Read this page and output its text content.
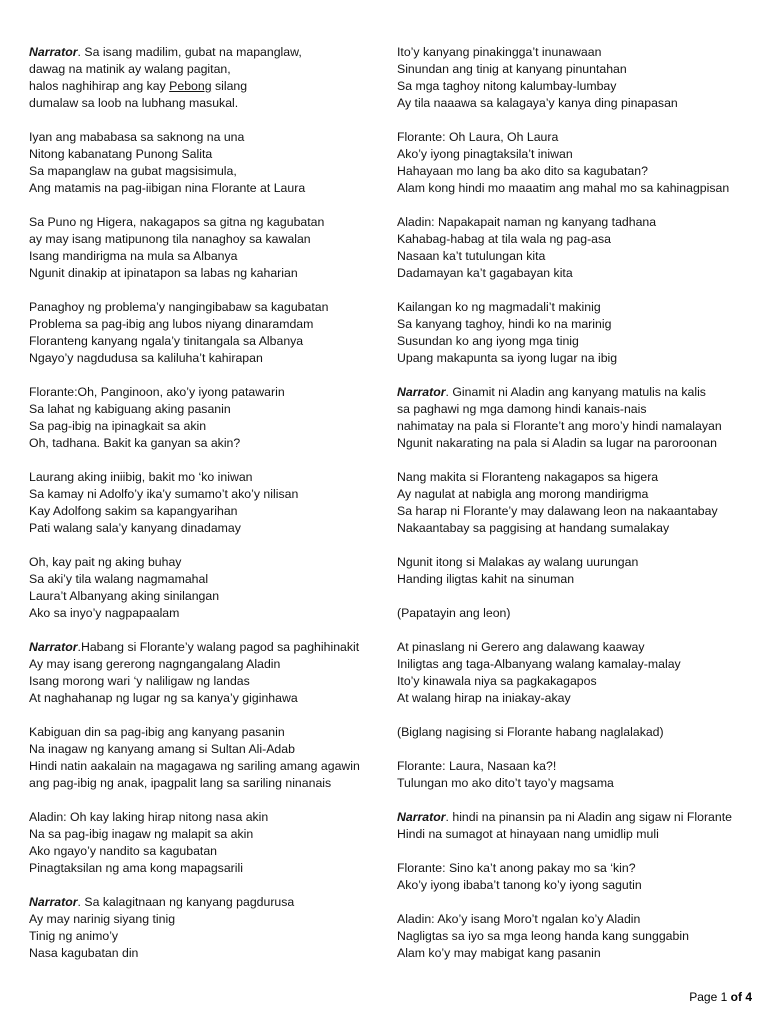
Narrator. Sa isang madilim, gubat na mapanglaw,
dawag na matinik ay walang pagitan,
halos naghihirap ang kay Pebong silang
dumalaw sa loob na lubhang masukal.
Iyan ang mababasa sa saknong na una
Nitong kabanatang Punong Salita
Sa mapanglaw na gubat magsisimula,
Ang matamis na pag-iibigan nina Florante at Laura
Sa Puno ng Higera, nakagapos sa gitna ng kagubatan
ay may isang matipunong tila nanaghoy sa kawalan
Isang mandirigma na mula sa Albanya
Ngunit dinakip at ipinatapon sa labas ng kaharian
Panaghoy ng problema’y nangingibabaw sa kagubatan
Problema sa pag-ibig ang lubos niyang dinaramdam
Floranteng kanyang ngala’y tinitangala sa Albanya
Ngayo’y nagdudusa sa kaliluha’t kahirapan
Florante:Oh, Panginoon, ako’y iyong patawarin
Sa lahat ng kabiguang aking pasanin
Sa pag-ibig na ipinagkait sa akin
Oh, tadhana. Bakit ka ganyan sa akin?
Laurang aking iniibig, bakit mo ‘ko iniwan
Sa kamay ni Adolfo’y ika’y sumamo’t ako’y nilisan
Kay Adolfong sakim sa kapangyarihan
Pati walang sala’y kanyang dinadamay
Oh, kay pait ng aking buhay
Sa aki’y tila walang nagmamahal
Laura’t Albanyang aking sinilangan
Ako sa inyo’y nagpapaalam
Narrator.Habang si Florante’y walang pagod sa paghihinakit
Ay may isang gererong nagngangalang Aladin
Isang morong wari ‘y naliligaw ng landas
At naghahanap ng lugar ng sa kanya’y giginhawa
Kabiguan din sa pag-ibig ang kanyang pasanin
Na inagaw ng kanyang amang si Sultan Ali-Adab
Hindi natin aakalain na magagawa ng sariling amang agawin
ang pag-ibig ng anak, ipagpalit lang sa sariling ninanais
Aladin: Oh kay laking hirap nitong nasa akin
Na sa pag-ibig inagaw ng malapit sa akin
Ako ngayo’y nandito sa kagubatan
Pinagtaksilan ng ama kong mapagsarili
Narrator. Sa kalagitnaan ng kanyang pagdurusa
Ay may narinig siyang tinig
Tinig ng animo’y
Nasa kagubatan din
Ito’y kanyang pinakingga’t inunawaan
Sinundan ang tinig at kanyang pinuntahan
Sa mga taghoy nitong kalumbay-lumbay
Ay tila naaawa sa kalagaya’y kanya ding pinapasan
Florante: Oh Laura, Oh Laura
Ako’y iyong pinagtaksila’t iniwan
Hahayaan mo lang ba ako dito sa kagubatan?
Alam kong hindi mo maaatim ang mahal mo sa kahinagpisan
Aladin: Napakapait naman ng kanyang tadhana
Kahabag-habag at tila wala ng pag-asa
Nasaan ka’t tutulungan kita
Dadamayan ka’t gagabayan kita
Kailangan ko ng magmadali’t makinig
Sa kanyang taghoy, hindi ko na marinig
Susundan ko ang iyong mga tinig
Upang makapunta sa iyong lugar na ibig
Narrator. Ginamit ni Aladin ang kanyang matulis na kalis
sa paghawi ng mga damong hindi kanais-nais
nahimatay na pala si Florante’t ang moro’y hindi namalayan
Ngunit nakarating na pala si Aladin sa lugar na paroroonan
Nang makita si Floranteng nakagapos sa higera
Ay nagulat at nabigla ang morong mandirigma
Sa harap ni Florante’y may dalawang leon na nakaantabay
Nakaantabay sa paggising at handang sumalakay
Ngunit itong si Malakas ay walang uurungan
Handing iligtas kahit na sinuman
(Papatayin ang leon)
At pinaslang ni Gerero ang dalawang kaaway
Iniligtas ang taga-Albanyang walang kamalay-malay
Ito’y kinawala niya sa pagkakagapos
At walang hirap na iniakay-akay
(Biglang nagising si Florante habang naglalakad)
Florante: Laura, Nasaan ka?!
Tulungan mo ako dito’t tayo’y magsama
Narrator. hindi na pinansin pa ni Aladin ang sigaw ni Florante
Hindi na sumagot at hinayaan nang umidlip muli
Florante: Sino ka’t anong pakay mo sa ‘kin?
Ako’y iyong ibaba’t tanong ko’y iyong sagutin
Aladin: Ako’y isang Moro’t ngalan ko’y Aladin
Nagligtas sa iyo sa mga leong handa kang sunggabin
Alam ko’y may mabigat kang pasanin
Page 1 of 4
